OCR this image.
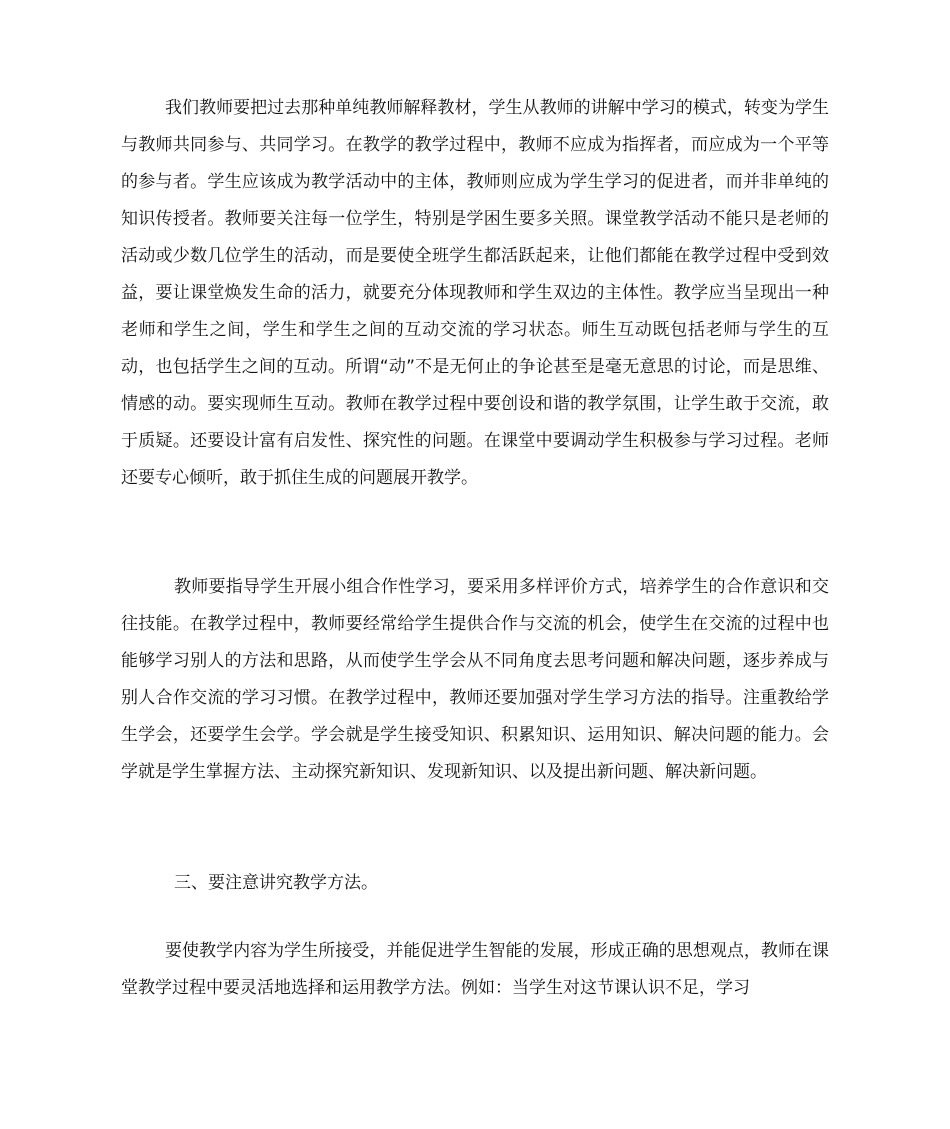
我们教师要把过去那种单纯教师解释教材，学生从教师的讲解中学习的模式，转变为学生与教师共同参与、共同学习。在教学的教学过程中，教师不应成为指挥者，而应成为一个平等的参与者。学生应该成为教学活动中的主体，教师则应成为学生学习的促进者，而并非单纯的知识传授者。教师要关注每一位学生，特别是学困生要多关照。课堂教学活动不能只是老师的活动或少数几位学生的活动，而是要使全班学生都活跃起来，让他们都能在教学过程中受到效益，要让课堂焕发生命的活力，就要充分体现教师和学生双边的主体性。教学应当呈现出一种老师和学生之间，学生和学生之间的互动交流的学习状态。师生互动既包括老师与学生的互动，也包括学生之间的互动。所谓“动”不是无何止的争论甚至是毫无意思的讨论，而是思维、情感的动。要实现师生互动。教师在教学过程中要创设和谐的教学氛围，让学生敢于交流，敢于质疑。还要设计富有启发性、探究性的问题。在课堂中要调动学生积极参与学习过程。老师还要专心倾听，敢于抓住生成的问题展开教学。

教师要指导学生开展小组合作性学习，要采用多样评价方式，培养学生的合作意识和交往技能。在教学过程中，教师要经常给学生提供合作与交流的机会，使学生在交流的过程中也能够学习别人的方法和思路，从而使学生学会从不同角度去思考问题和解决问题，逐步养成与别人合作交流的学习习惯。在教学过程中，教师还要加强对学生学习方法的指导。注重教给学生学会，还要学生会学。学会就是学生接受知识、积累知识、运用知识、解决问题的能力。会学就是学生掌握方法、主动探究新知识、发现新知识、以及提出新问题、解决新问题。

三、要注意讲究教学方法。

要使教学内容为学生所接受，并能促进学生智能的发展，形成正确的思想观点，教师在课堂教学过程中要灵活地选择和运用教学方法。例如：当学生对这节课认识不足，学习
